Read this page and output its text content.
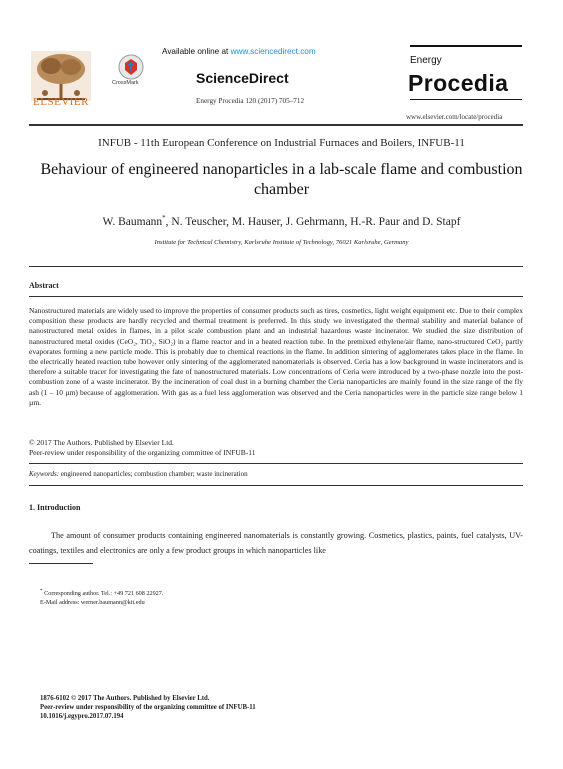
ELSEVIER
Available online at www.sciencedirect.com
CrossMark	ScienceDirect
Energy Procedia 120 (2017) 705–712
Energy
Procedia
www.elsevier.com/locate/procedia
INFUB - 11th European Conference on Industrial Furnaces and Boilers, INFUB-11
Behaviour of engineered nanoparticles in a lab-scale flame and combustion chamber
W. Baumann*, N. Teuscher, M. Hauser, J. Gehrmann, H.-R. Paur and D. Stapf
Institute for Technical Chemistry, Karlsruhe Institute of Technology, 76021 Karlsruhe, Germany
Abstract
Nanostructured materials are widely used to improve the properties of consumer products such as tires, cosmetics, light weight equipment etc. Due to their complex composition these products are hardly recycled and thermal treatment is preferred. In this study we investigated the thermal stability and material balance of nanostructured metal oxides in flames, in a pilot scale combustion plant and an industrial hazardous waste incinerator. We studied the size distribution of nanostructured metal oxides (CeO₂, TiO₂, SiO₂) in a flame reactor and in a heated reaction tube. In the premixed ethylene/air flame, nano-structured CeO₂ partly evaporates forming a new particle mode. This is probably due to chemical reactions in the flame. In addition sintering of agglomerates takes place in the flame. In the electrically heated reaction tube however only sintering of the agglomerated nanomaterials is observed. Ceria has a low background in waste incinerators and is therefore a suitable tracer for investigating the fate of nanostructured materials. Low concentrations of Ceria were introduced by a two-phase nozzle into the post-combustion zone of a waste incinerator. By the incineration of coal dust in a burning chamber the Ceria nanoparticles are mainly found in the size range of the fly ash (1 – 10 µm) because of agglomeration. With gas as a fuel less agglomeration was observed and the Ceria nanoparticles were in the particle size range below 1 µm.
© 2017 The Authors. Published by Elsevier Ltd.
Peer-review under responsibility of the organizing committee of INFUB-11
Keywords: engineered nanoparticles; combustion chamber; waste incineration
1. Introduction
The amount of consumer products containing engineered nanomaterials is constantly growing. Cosmetics, plastics, paints, fuel catalysts, UV-coatings, textiles and electronics are only a few product groups in which nanoparticles like
* Corresponding author. Tel.: +49 721 608 22927.
E-Mail address: werner.baumann@kit.edu
1876-6102 © 2017 The Authors. Published by Elsevier Ltd.
Peer-review under responsibility of the organizing committee of INFUB-11
10.1016/j.egypro.2017.07.194
